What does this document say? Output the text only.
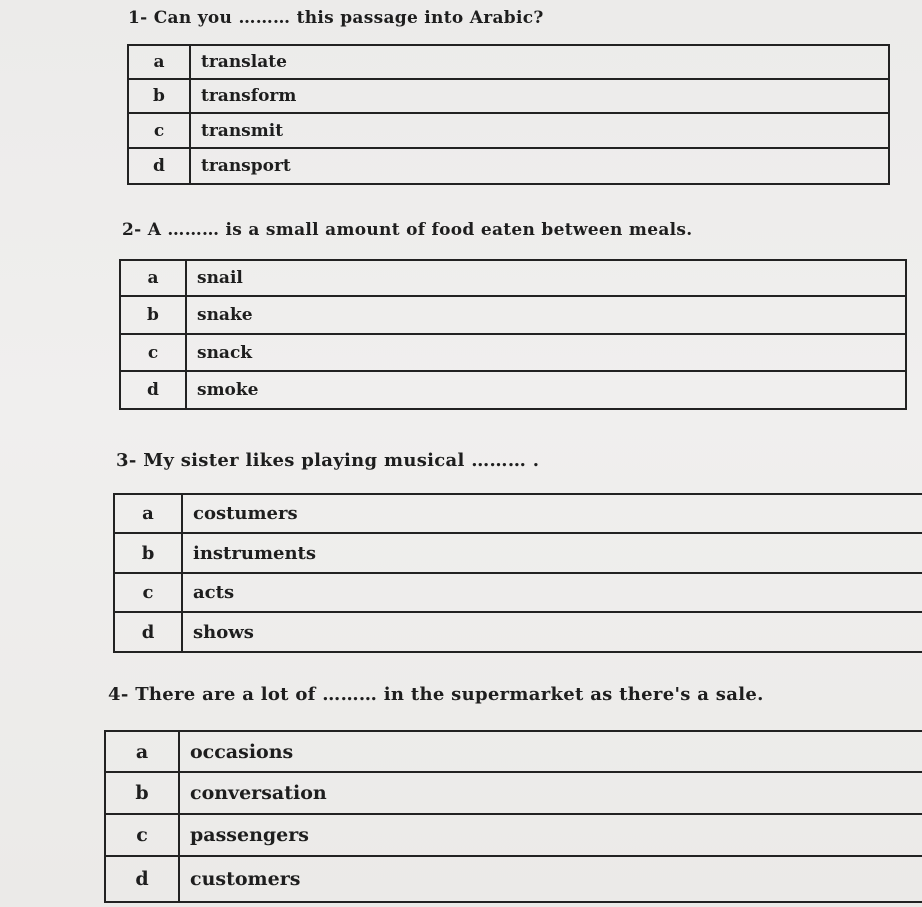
1- Can you ……… this passage into Arabic?
a	translate
b	transform
c	transmit
d	transport
2- A ……… is a small amount of food eaten between meals.
a	snail
b	snake
c	snack
d	smoke
3- My sister likes playing musical ……… .
a	costumers
b	instruments
c	acts
d	shows
4- There are a lot of ……… in the supermarket as there's a sale.
a	occasions
b	conversation
c	passengers
d	customers
